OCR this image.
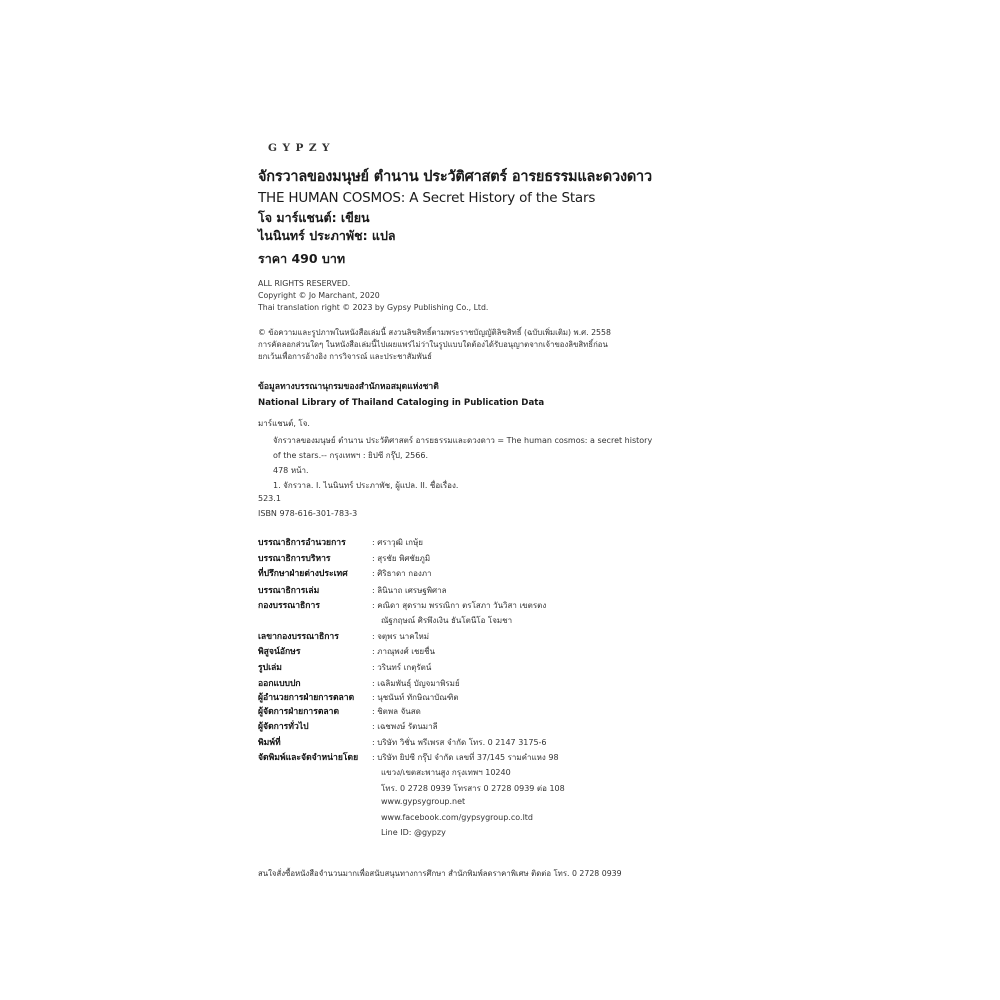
GYPZY
จักรวาลของมนุษย์ ตำนาน ประวัติศาสตร์ อารยธรรมและดวงดาว
THE HUMAN COSMOS: A Secret History of the Stars
โจ มาร์แชนต์: เขียน
ไนนินทร์ ประภาพัช: แปล
ราคา 490 บาท
ALL RIGHTS RESERVED.
Copyright © Jo Marchant, 2020
Thai translation right © 2023 by Gypsy Publishing Co., Ltd.
© ข้อความและรูปภาพในหนังสือเล่มนี้ สงวนลิขสิทธิ์ตามพระราชบัญญัติลิขสิทธิ์ (ฉบับเพิ่มเติม) พ.ศ. 2558
การคัดลอกส่วนใดๆ ในหนังสือเล่มนี้ไปเผยแพร่ไม่ว่าในรูปแบบใดต้องได้รับอนุญาตจากเจ้าของลิขสิทธิ์ก่อน
ยกเว้นเพื่อการอ้างอิง การวิจารณ์ และประชาสัมพันธ์
ข้อมูลทางบรรณานุกรมของสำนักหอสมุดแห่งชาติ
National Library of Thailand Cataloging in Publication Data
มาร์แชนต์, โจ.
จักรวาลของมนุษย์ ตำนาน ประวัติศาสตร์ อารยธรรมและดวงดาว = The human cosmos: a secret history
of the stars.-- กรุงเทพฯ : ยิปซี กรุ๊ป, 2566.
478 หน้า.
1. จักรวาล. I. ไนนินทร์ ประภาพัช, ผู้แปล. II. ชื่อเรื่อง.
523.1
ISBN 978-616-301-783-3
บรรณาธิการอำนวยการ	: ศราวุฒิ เกษุ้ย
บรรณาธิการบริหาร	: สุรชัย พิศชัยภูมิ
ที่ปรึกษาฝ่ายต่างประเทศ	: ศิริธาดา กองภา
บรรณาธิการเล่ม	: ลินินาถ เศรษฐพิศาล
กองบรรณาธิการ	: คณิดา สุดราม พรรณิกา ตรโสภา วันวิสา เขตรตง
ณัฐกฤษณ์ ศิรพึงเงิน ธันโตนีโอ โจมชา
เลขากองบรรณาธิการ	: จตุพร นาคใหม่
พิสูจน์อักษร	: ภาณุพงศ์ เชยชื่น
รูปเล่ม	: วรินทร์ เกตุรัตน์
ออกแบบปก	: เฉลิมพันธุ์ บัญจมาพิรมย์
ผู้อำนวยการฝ่ายการตลาด : นุชนันท์ ทักษิณาบัณฑิต
ผู้จัดการฝ่ายการตลาด	: ชิตพล จันสด
ผู้จัดการทั่วไป	: เฉชพงษ์ รัตนมาลี
พิมพ์ที่	: บริษัท วิชั่น พรีเพรส จำกัด โทร. 0 2147 3175-6
จัดพิมพ์และจัดจำหน่ายโดย : บริษัท ยิปซี กรุ๊ป จำกัด เลขที่ 37/145 รามคำแหง 98
แขวง/เขตสะพานสูง กรุงเทพฯ 10240
โทร. 0 2728 0939 โทรสาร 0 2728 0939 ต่อ 108
www.gypsygroup.net
www.facebook.com/gypsygroup.co.ltd
Line ID: @gypzy
สนใจสั่งซื้อหนังสือจำนวนมากเพื่อสนับสนุนทางการศึกษา สำนักพิมพ์ลดราคาพิเศษ ติดต่อ โทร. 0 2728 0939
